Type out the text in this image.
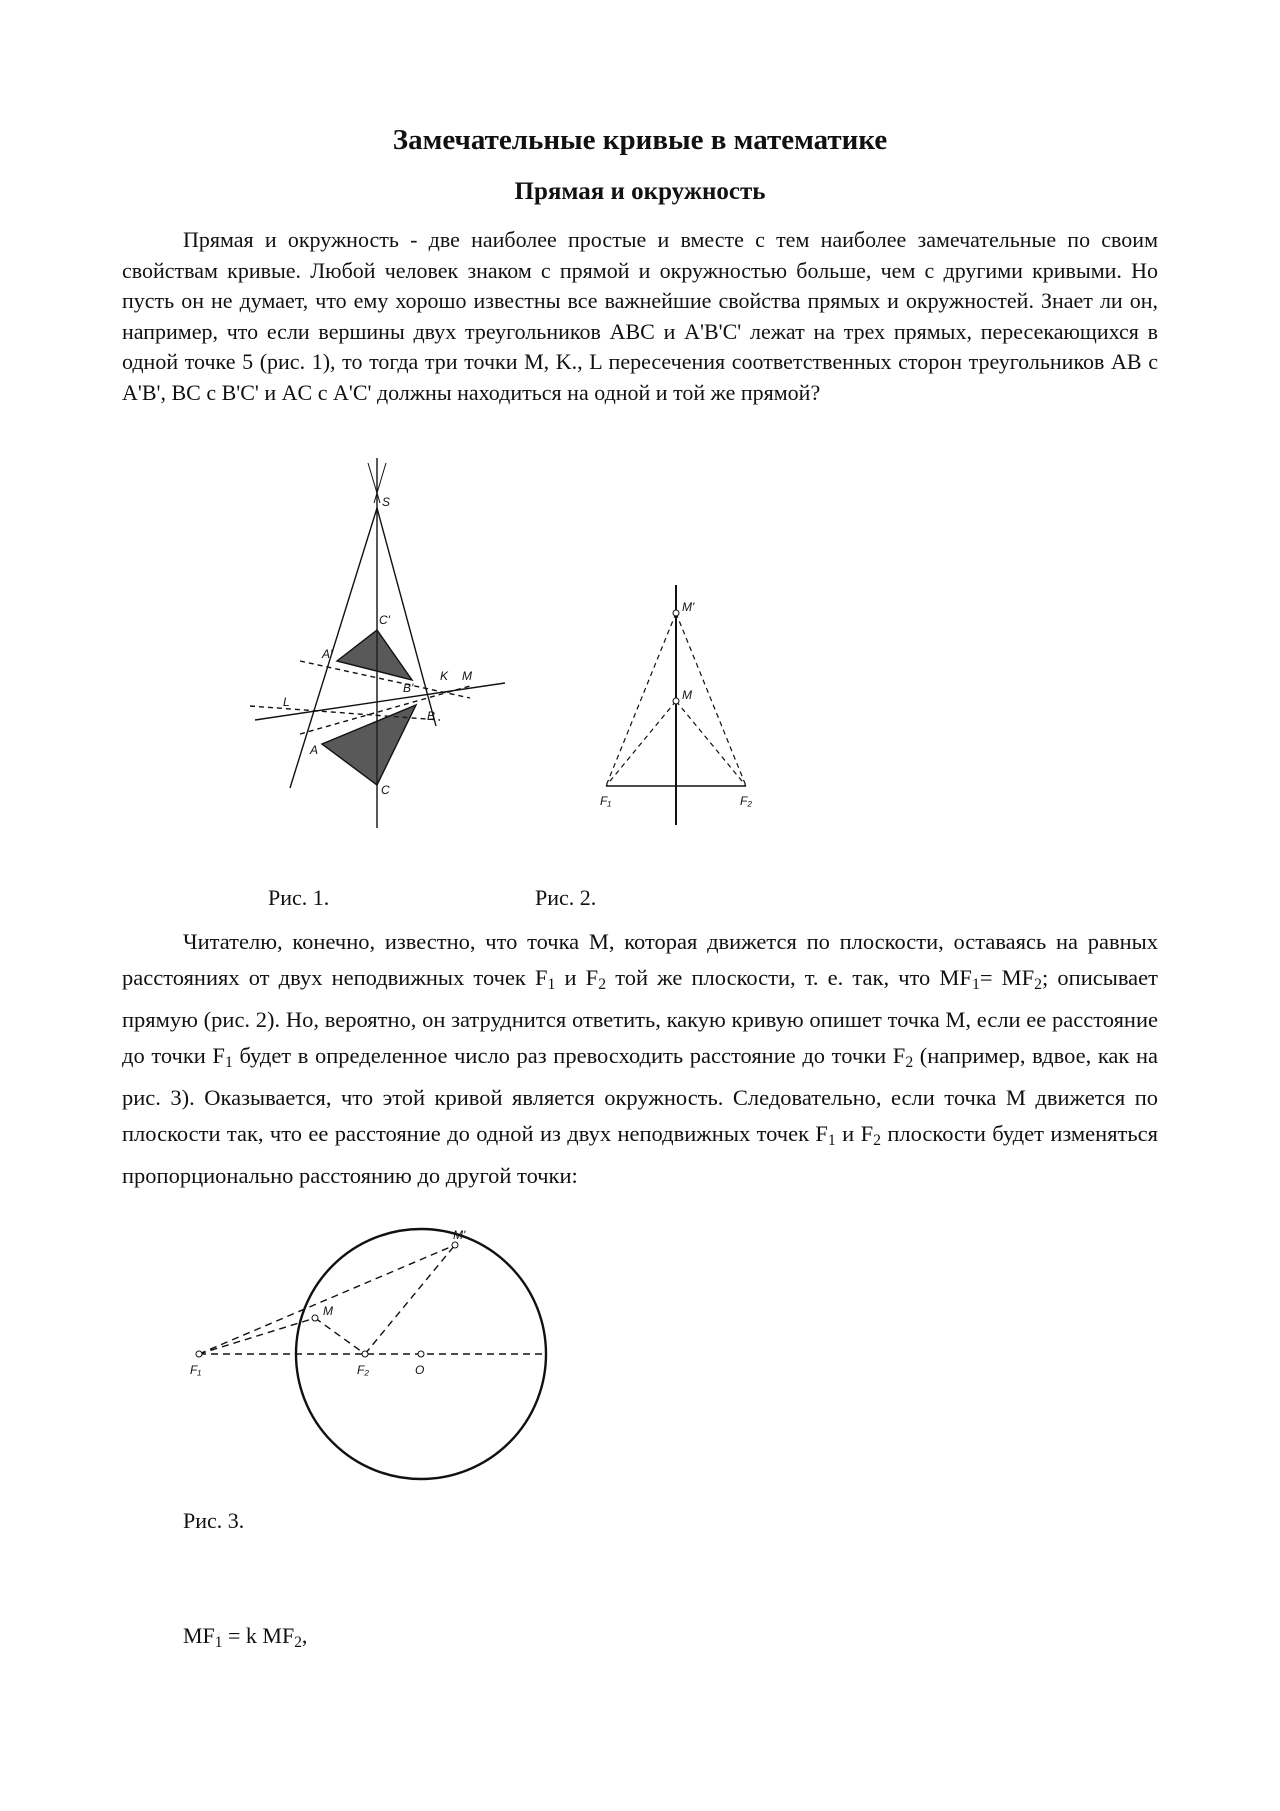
Замечательные кривые в математике
Прямая и окружность

Прямая и окружность - две наиболее простые и вместе с тем наиболее замечательные по своим свойствам кривые. Любой человек знаком с прямой и окружностью больше, чем с другими кривыми. Но пусть он не думает, что ему хорошо известны все важнейшие свойства прямых и окружностей. Знает ли он, например, что если вершины двух треугольников ABC и A'B'C' лежат на трех прямых, пересекающихся в одной точке 5 (рис. 1), то тогда три точки M, K., L пересечения соответственных сторон треугольников AB с A'B', BC с B'C' и AC с A'C' должны находиться на одной и той же прямой?

S
C'
A'
B'
K M
L
A
B
C
M'
M
F₁	F₂

Рис. 1.	Рис. 2.

Читателю, конечно, известно, что точка M, которая движется по плоскости, оставаясь на равных расстояниях от двух неподвижных точек $F_1$ и $F_2$ той же плоскости, т. е. так, что $MF_1= MF_2$; описывает прямую (рис. 2). Но, вероятно, он затруднится ответить, какую кривую опишет точка M, если ее расстояние до точки $F_1$ будет в определенное число раз превосходить расстояние до точки $F_2$ (например, вдвое, как на рис. 3). Оказывается, что этой кривой является окружность. Следовательно, если точка M движется по плоскости так, что ее расстояние до одной из двух неподвижных точек $F_1$ и $F_2$ плоскости будет изменяться пропорционально расстоянию до другой точки:

M'
M
F₁	F₂	O

Рис. 3.

$MF_1 = k$ $MF_2$,
